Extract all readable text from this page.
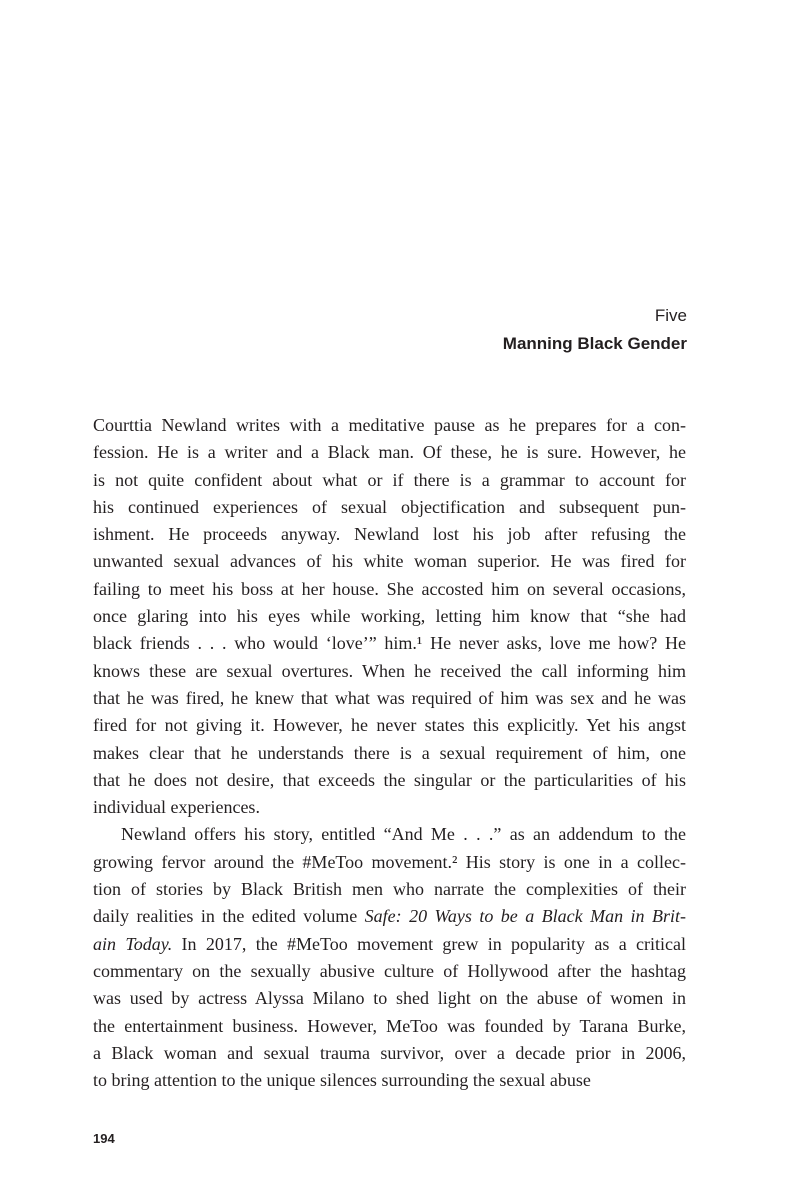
Five
Manning Black Gender
Courttia Newland writes with a meditative pause as he prepares for a con-
fession. He is a writer and a Black man. Of these, he is sure. However, he
is not quite confident about what or if there is a grammar to account for
his continued experiences of sexual objectification and subsequent pun-
ishment. He proceeds anyway. Newland lost his job after refusing the
unwanted sexual advances of his white woman superior. He was fired for
failing to meet his boss at her house. She accosted him on several occasions,
once glaring into his eyes while working, letting him know that “she had
black friends . . . who would ‘love’” him.¹ He never asks, love me how? He
knows these are sexual overtures. When he received the call informing him
that he was fired, he knew that what was required of him was sex and he was
fired for not giving it. However, he never states this explicitly. Yet his angst
makes clear that he understands there is a sexual requirement of him, one
that he does not desire, that exceeds the singular or the particularities of his
individual experiences.
Newland offers his story, entitled “And Me . . .” as an addendum to the
growing fervor around the #MeToo movement.² His story is one in a collec-
tion of stories by Black British men who narrate the complexities of their
daily realities in the edited volume Safe: 20 Ways to be a Black Man in Brit-
ain Today. In 2017, the #MeToo movement grew in popularity as a critical
commentary on the sexually abusive culture of Hollywood after the hashtag
was used by actress Alyssa Milano to shed light on the abuse of women in
the entertainment business. However, MeToo was founded by Tarana Burke,
a Black woman and sexual trauma survivor, over a decade prior in 2006,
to bring attention to the unique silences surrounding the sexual abuse
194
